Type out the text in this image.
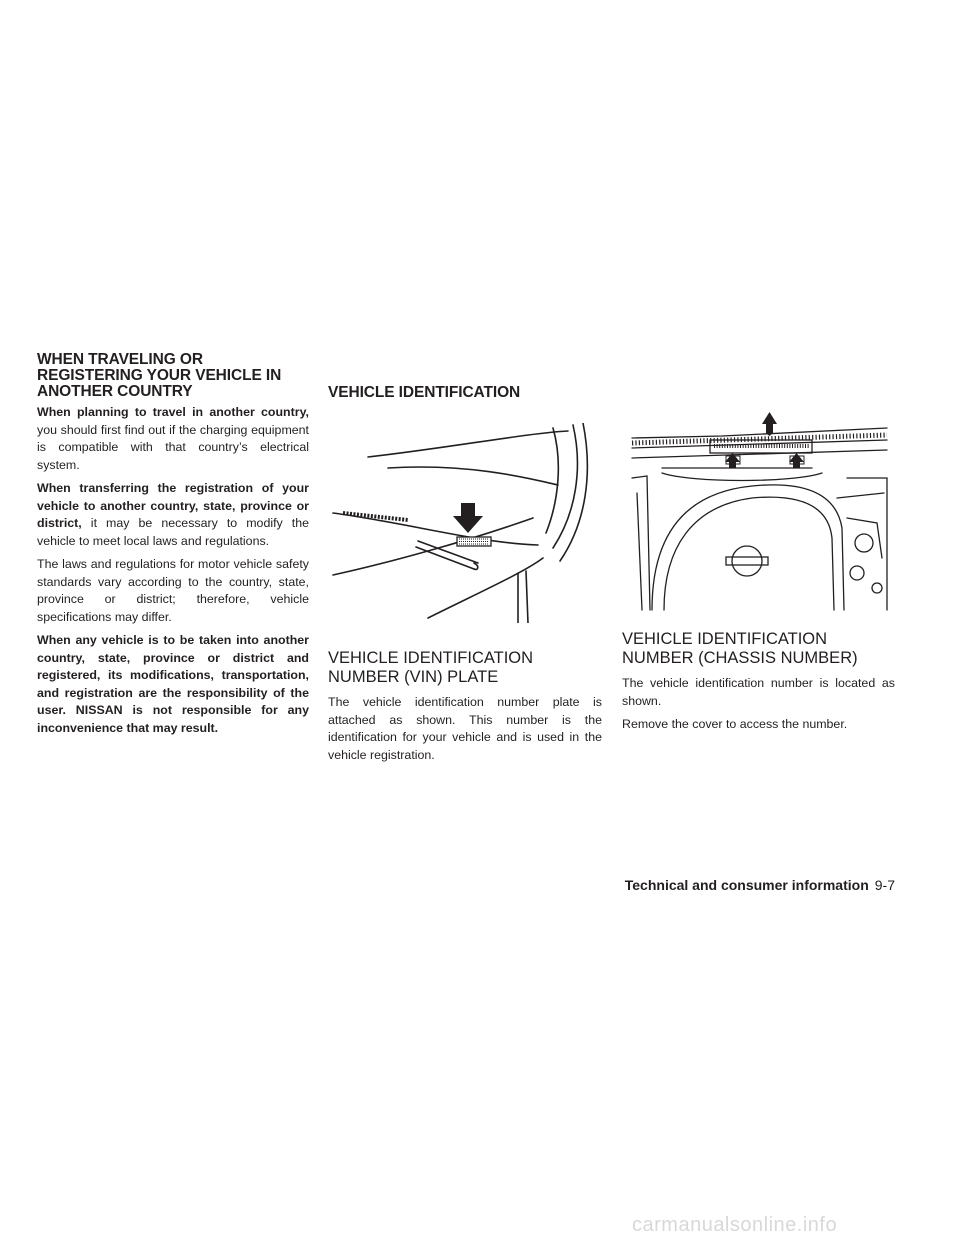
WHEN TRAVELING OR REGISTERING YOUR VEHICLE IN ANOTHER COUNTRY

When planning to travel in another country, you should first find out if the charging equipment is compatible with that country’s electrical system.

When transferring the registration of your vehicle to another country, state, province or district, it may be necessary to modify the vehicle to meet local laws and regulations.

The laws and regulations for motor vehicle safety standards vary according to the country, state, province or district; therefore, vehicle specifications may differ.

When any vehicle is to be taken into another country, state, province or district and registered, its modifications, transportation, and registration are the responsibility of the user. NISSAN is not responsible for any inconvenience that may result.

VEHICLE IDENTIFICATION
VEHICLE IDENTIFICATION NUMBER (VIN) PLATE

The vehicle identification number plate is attached as shown. This number is the identification for your vehicle and is used in the vehicle registration.

VEHICLE IDENTIFICATION NUMBER (CHASSIS NUMBER)

The vehicle identification number is located as shown.

Remove the cover to access the number.

Technical and consumer information 9-7
carmanualsonline.info
